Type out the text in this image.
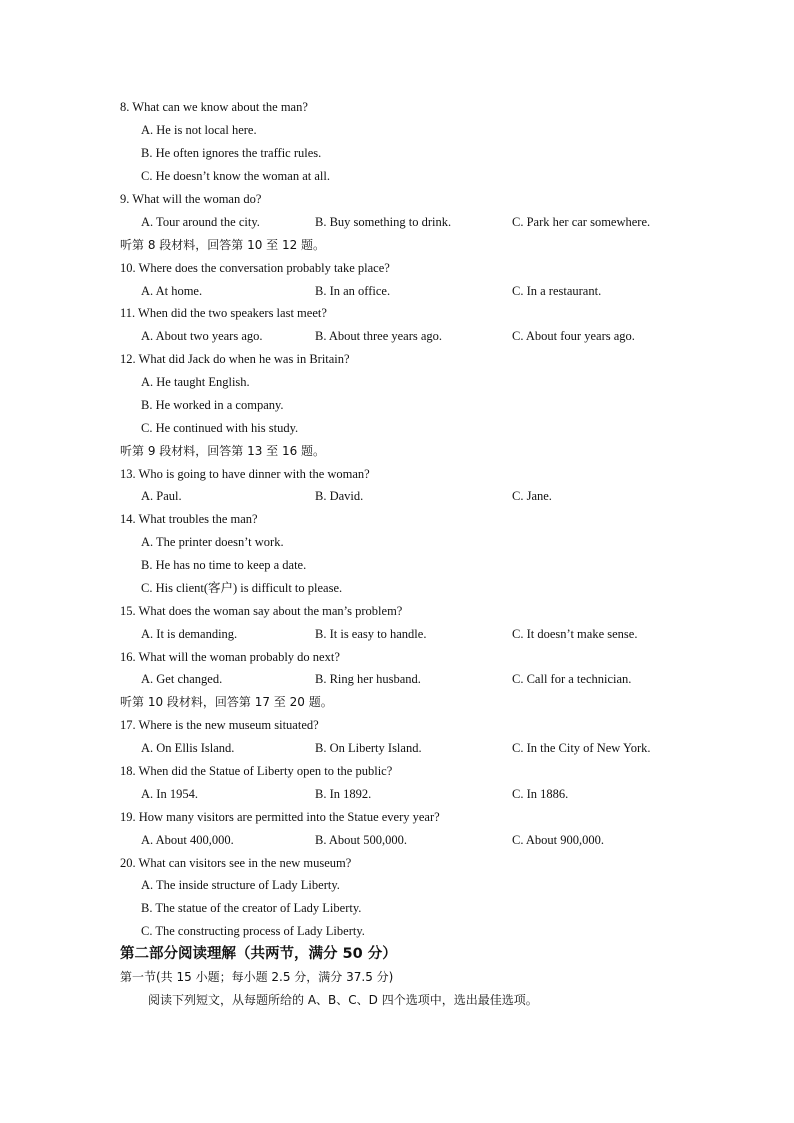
8. What can we know about the man?
A. He is not local here.
B. He often ignores the traffic rules.
C. He doesn’t know the woman at all.
9. What will the woman do?
A. Tour around the city.	B. Buy something to drink.	C. Park her car somewhere.
听第 8 段材料，回答第 10 至 12 题。
10. Where does the conversation probably take place?
A. At home.	B. In an office.	C. In a restaurant.
11. When did the two speakers last meet?
A. About two years ago.	B. About three years ago.	C. About four years ago.
12. What did Jack do when he was in Britain?
A. He taught English.
B. He worked in a company.
C. He continued with his study.
听第 9 段材料，回答第 13 至 16 题。
13. Who is going to have dinner with the woman?
A. Paul.	B. David.	C. Jane.
14. What troubles the man?
A. The printer doesn’t work.
B. He has no time to keep a date.
C. His client(客户) is difficult to please.
15. What does the woman say about the man’s problem?
A. It is demanding.	B. It is easy to handle.	C. It doesn’t make sense.
16. What will the woman probably do next?
A. Get changed.	B. Ring her husband.	C. Call for a technician.
听第 10 段材料，回答第 17 至 20 题。
17. Where is the new museum situated?
A. On Ellis Island.	B. On Liberty Island.	C. In the City of New York.
18. When did the Statue of Liberty open to the public?
A. In 1954.	B. In 1892.	C. In 1886.
19. How many visitors are permitted into the Statue every year?
A. About 400,000.	B. About 500,000.	C. About 900,000.
20. What can visitors see in the new museum?
A. The inside structure of Lady Liberty.
B. The statue of the creator of Lady Liberty.
C. The constructing process of Lady Liberty.
第二部分阅读理解（共两节，满分 50 分）
第一节(共 15 小题；每小题 2.5 分，满分 37.5 分)
阅读下列短文，从每题所给的 A、B、C、D 四个选项中，选出最佳选项。
